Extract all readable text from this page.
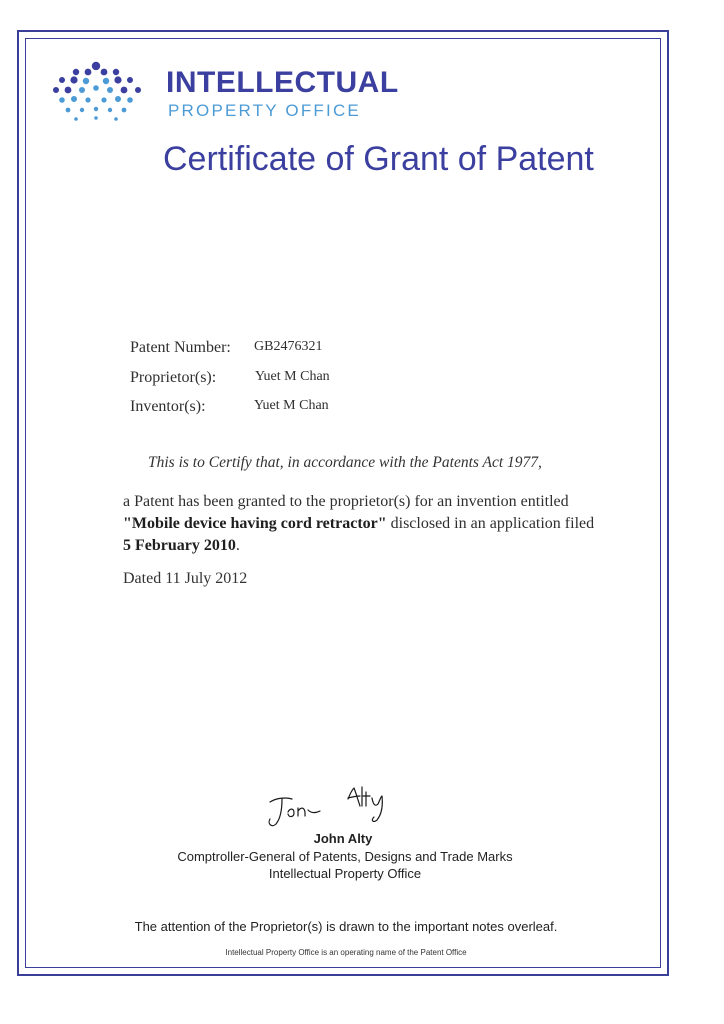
INTELLECTUAL
PROPERTY OFFICE
Certificate of Grant of Patent
Patent Number: GB2476321
Proprietor(s):	Yuet M Chan
Inventor(s):	Yuet M Chan
This is to Certify that, in accordance with the Patents Act 1977,
a Patent has been granted to the proprietor(s) for an invention entitled
"Mobile device having cord retractor" disclosed in an application filed
5 February 2010.
Dated 11 July 2012
John Alty
Comptroller-General of Patents, Designs and Trade Marks
Intellectual Property Office
The attention of the Proprietor(s) is drawn to the important notes overleaf.
Intellectual Property Office is an operating name of the Patent Office
